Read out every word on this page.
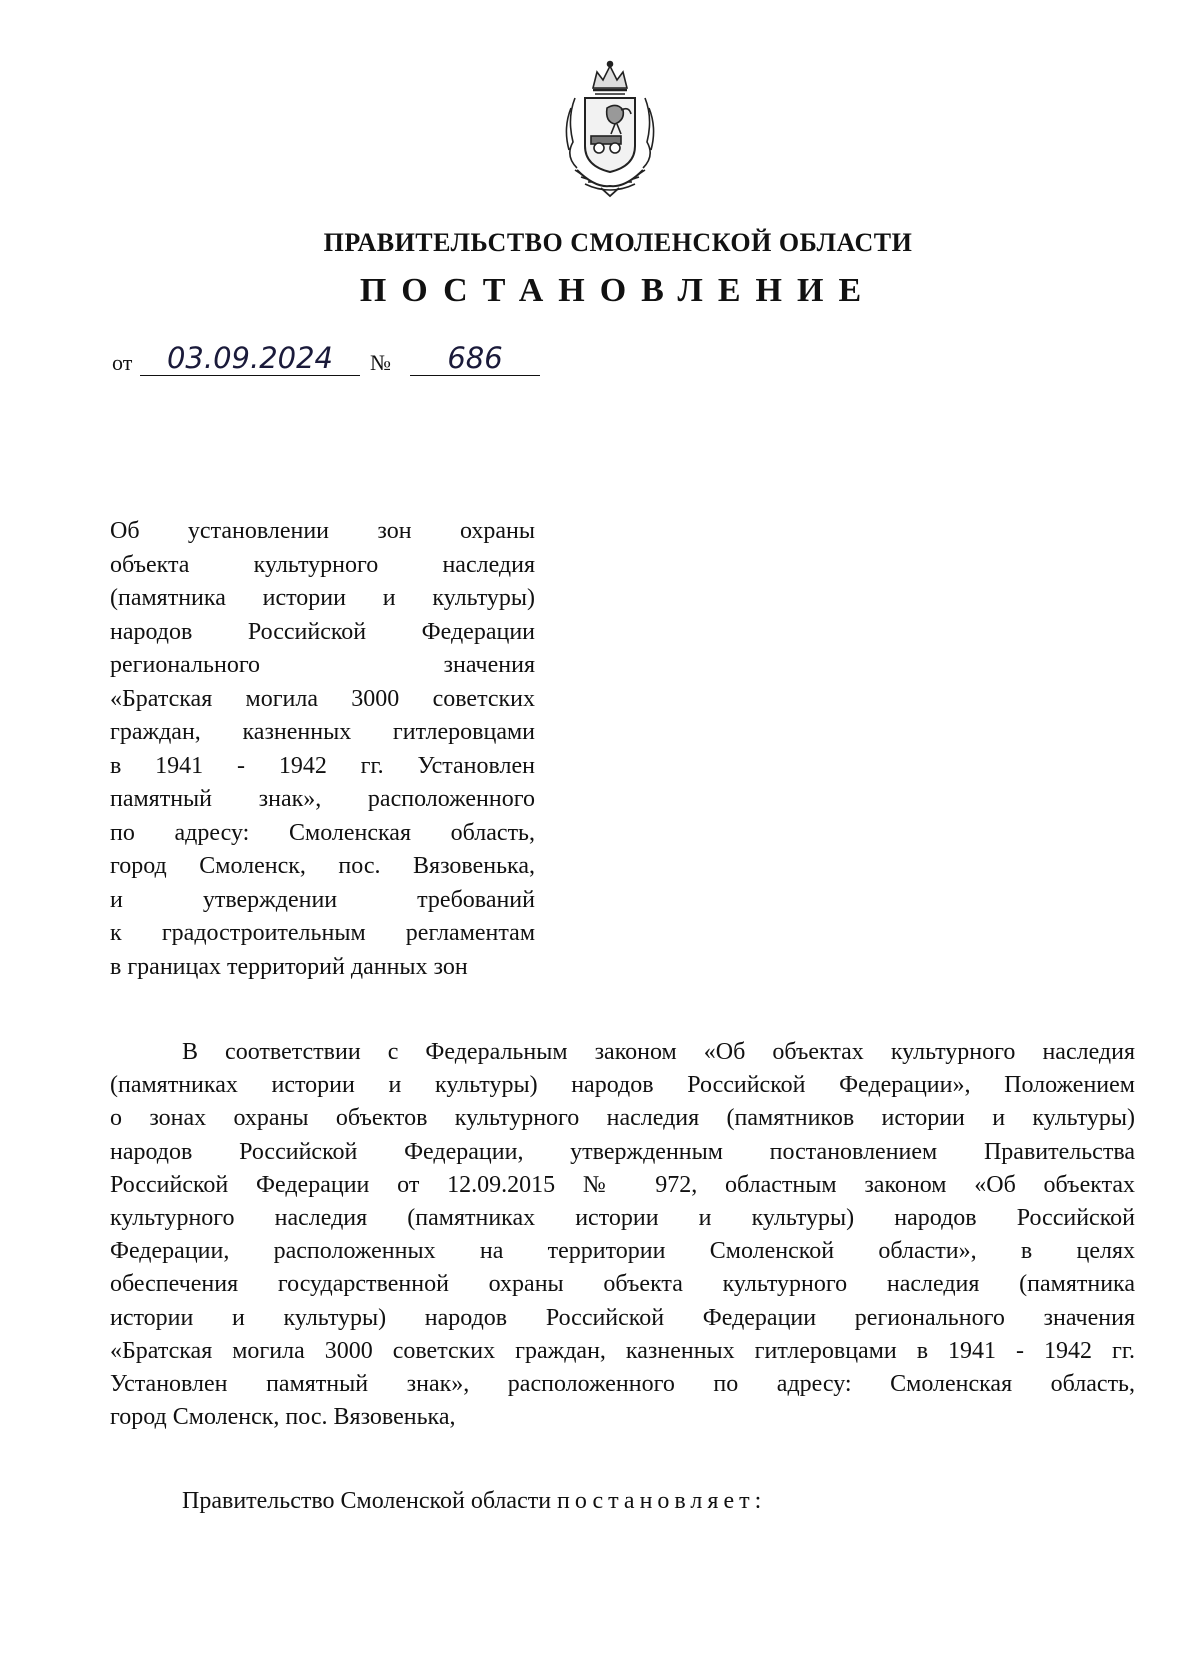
ПРАВИТЕЛЬСТВО СМОЛЕНСКОЙ ОБЛАСТИ
ПОСТАНОВЛЕНИЕ
от	03.09.2024	№	686
Об установлении зон охраны
объекта культурного наследия
(памятника истории и культуры)
народов Российской Федерации
регионального значения
«Братская могила 3000 советских
граждан, казненных гитлеровцами
в 1941 - 1942 гг. Установлен
памятный знак», расположенного
по адресу: Смоленская область,
город Смоленск, пос. Вязовенька,
и утверждении требований
к градостроительным регламентам
в границах территорий данных зон
В соответствии с Федеральным законом «Об объектах культурного наследия
(памятниках истории и культуры) народов Российской Федерации», Положением
о зонах охраны объектов культурного наследия (памятников истории и культуры)
народов Российской Федерации, утвержденным постановлением Правительства
Российской Федерации от 12.09.2015 № 972, областным законом «Об объектах
культурного наследия (памятниках истории и культуры) народов Российской
Федерации, расположенных на территории Смоленской области», в целях
обеспечения государственной охраны объекта культурного наследия (памятника
истории и культуры) народов Российской Федерации регионального значения
«Братская могила 3000 советских граждан, казненных гитлеровцами в 1941 - 1942 гг.
Установлен памятный знак», расположенного по адресу: Смоленская область,
город Смоленск, пос. Вязовенька,
Правительство Смоленской области постановляет:
